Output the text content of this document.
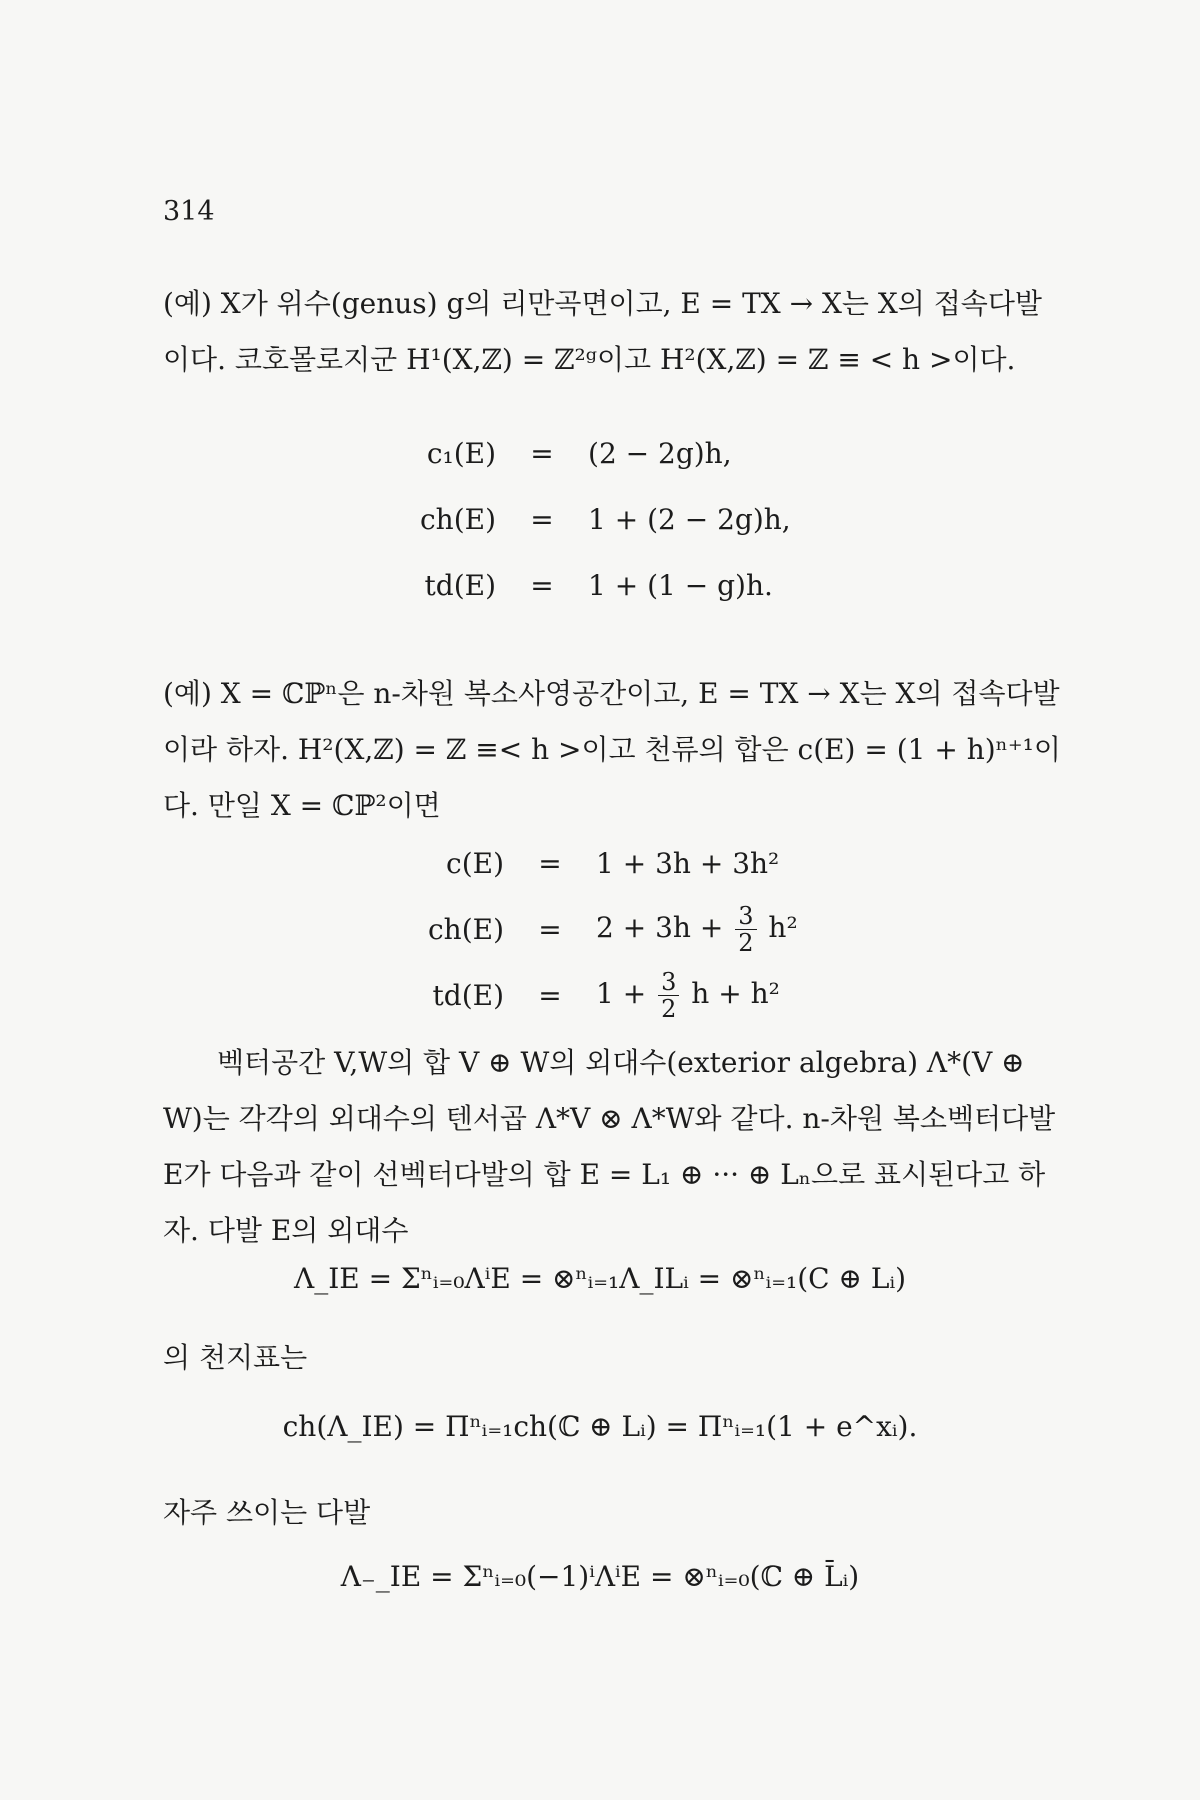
314
(예) X가 위수(genus) g의 리만곡면이고, E = TX → X는 X의 접속다발이다. 코호몰로지군 H¹(X,ℤ) = ℤ²ᵍ이고 H²(X,ℤ) = ℤ ≡ < h >이다.
c₁(E)	=	(2 − 2g)h,
ch(E)	=	1 + (2 − 2g)h,
td(E)	=	1 + (1 − g)h.
(예) X = ℂℙⁿ은 n-차원 복소사영공간이고, E = TX → X는 X의 접속다발이라 하자. H²(X,ℤ) = ℤ ≡< h >이고 천류의 합은 c(E) = (1 + h)ⁿ⁺¹이다. 만일 X = ℂℙ²이면
c(E)	=	1 + 3h + 3h²
ch(E)	=	$2 + 3h + \frac{3}{2} h^2$
td(E)	=	$1 + \frac{3}{2}$ h + h²
벡터공간 V,W의 합 V ⊕ W의 외대수(exterior algebra) Λ*(V ⊕ W)는 각각의 외대수의 텐서곱 Λ*V ⊗ Λ*W와 같다. n-차원 복소벡터다발 E가 다음과 같이 선벡터다발의 합 E = L₁ ⊕ ··· ⊕ Lₙ으로 표시된다고 하자. 다발 E의 외대수
Λ_IE = Σⁿᵢ₌₀ΛⁱE = ⊗ⁿᵢ₌₁Λ_ILᵢ = ⊗ⁿᵢ₌₁(C ⊕ Lᵢ)
의 천지표는
ch(Λ_IE) = Πⁿᵢ₌₁ch(ℂ ⊕ Lᵢ) = Πⁿᵢ₌₁(1 + e^xᵢ).
자주 쓰이는 다발
Λ₋_IE = Σⁿᵢ₌₀(−1)ⁱΛⁱE = ⊗ⁿᵢ₌₀(ℂ ⊕ L̄ᵢ)
